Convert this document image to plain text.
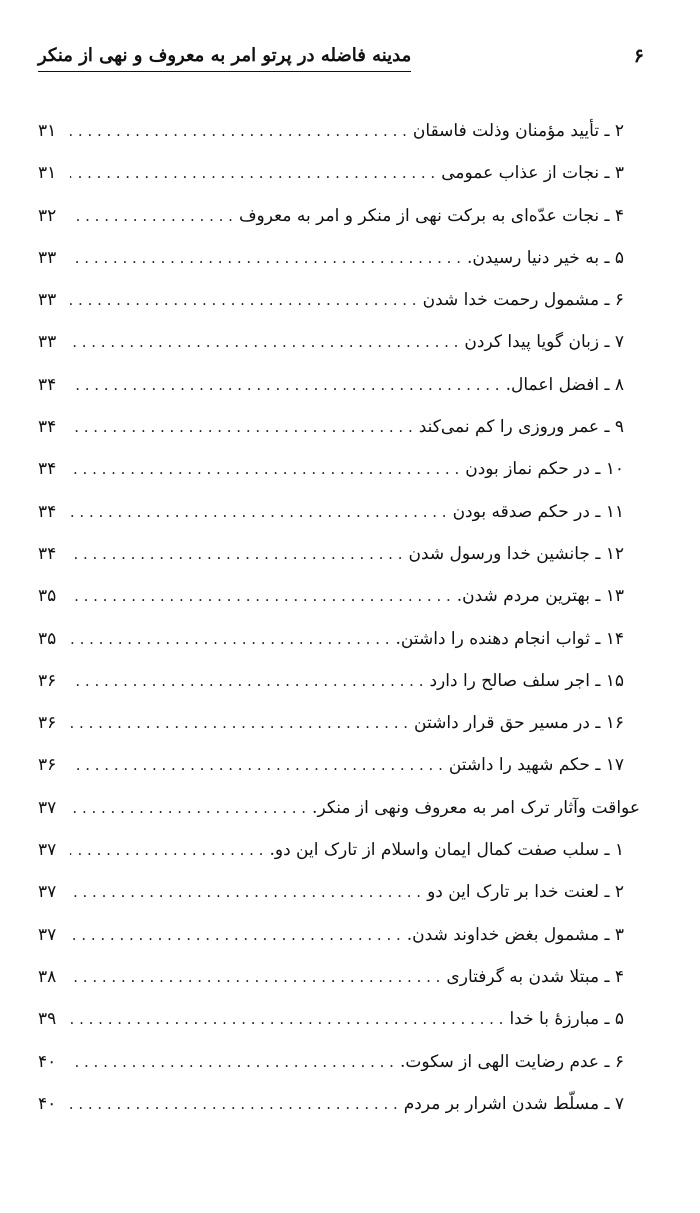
۶
مدینه فاضله در پرتو امر به معروف و نهی از منکر
۲ ـ تأیید مؤمنان وذلت فاسقان
. . .
۳۱
۳ ـ نجات از عذاب عمومی
. . .
۳۱
۴ ـ نجات عدّه‌ای به برکت نهی از منکر و امر به معروف
. . .
۳۲
۵ ـ به خیر دنیا رسیدن.
. . .
۳۳
۶ ـ مشمول رحمت خدا شدن
. . .
۳۳
۷ ـ زبان گویا پیدا کردن
. . .
۳۳
۸ ـ افضل اعمال.
. . .
۳۴
۹ ـ عمر وروزی را کم نمی‌کند
. . .
۳۴
۱۰ ـ در حکم نماز بودن
. . .
۳۴
۱۱ ـ در حکم صدقه بودن
. . .
۳۴
۱۲ ـ جانشین خدا ورسول شدن
. . .
۳۴
۱۳ ـ بهترین مردم شدن.
. . .
۳۵
۱۴ ـ ثواب انجام دهنده را داشتن.
. . .
۳۵
۱۵ ـ اجر سلف صالح را دارد
. . .
۳۶
۱۶ ـ در مسیر حق قرار داشتن
. . .
۳۶
۱۷ ـ حکم شهید را داشتن
. . .
۳۶
عواقت وآثار ترک امر به معروف ونهی از منکر.
. . .
۳۷
۱ ـ سلب صفت کمال ایمان واسلام از تارک این دو.
. . .
۳۷
۲ ـ لعنت خدا بر تارک این دو
. . .
۳۷
۳ ـ مشمول بغض خداوند شدن.
. . .
۳۷
۴ ـ مبتلا شدن به گرفتاری
. . .
۳۸
۵ ـ مبارزۀ با خدا
. . .
۳۹
۶ ـ عدم رضایت الهی از سکوت.
. . .
۴۰
۷ ـ مسلّط شدن اشرار بر مردم
. . .
۴۰
